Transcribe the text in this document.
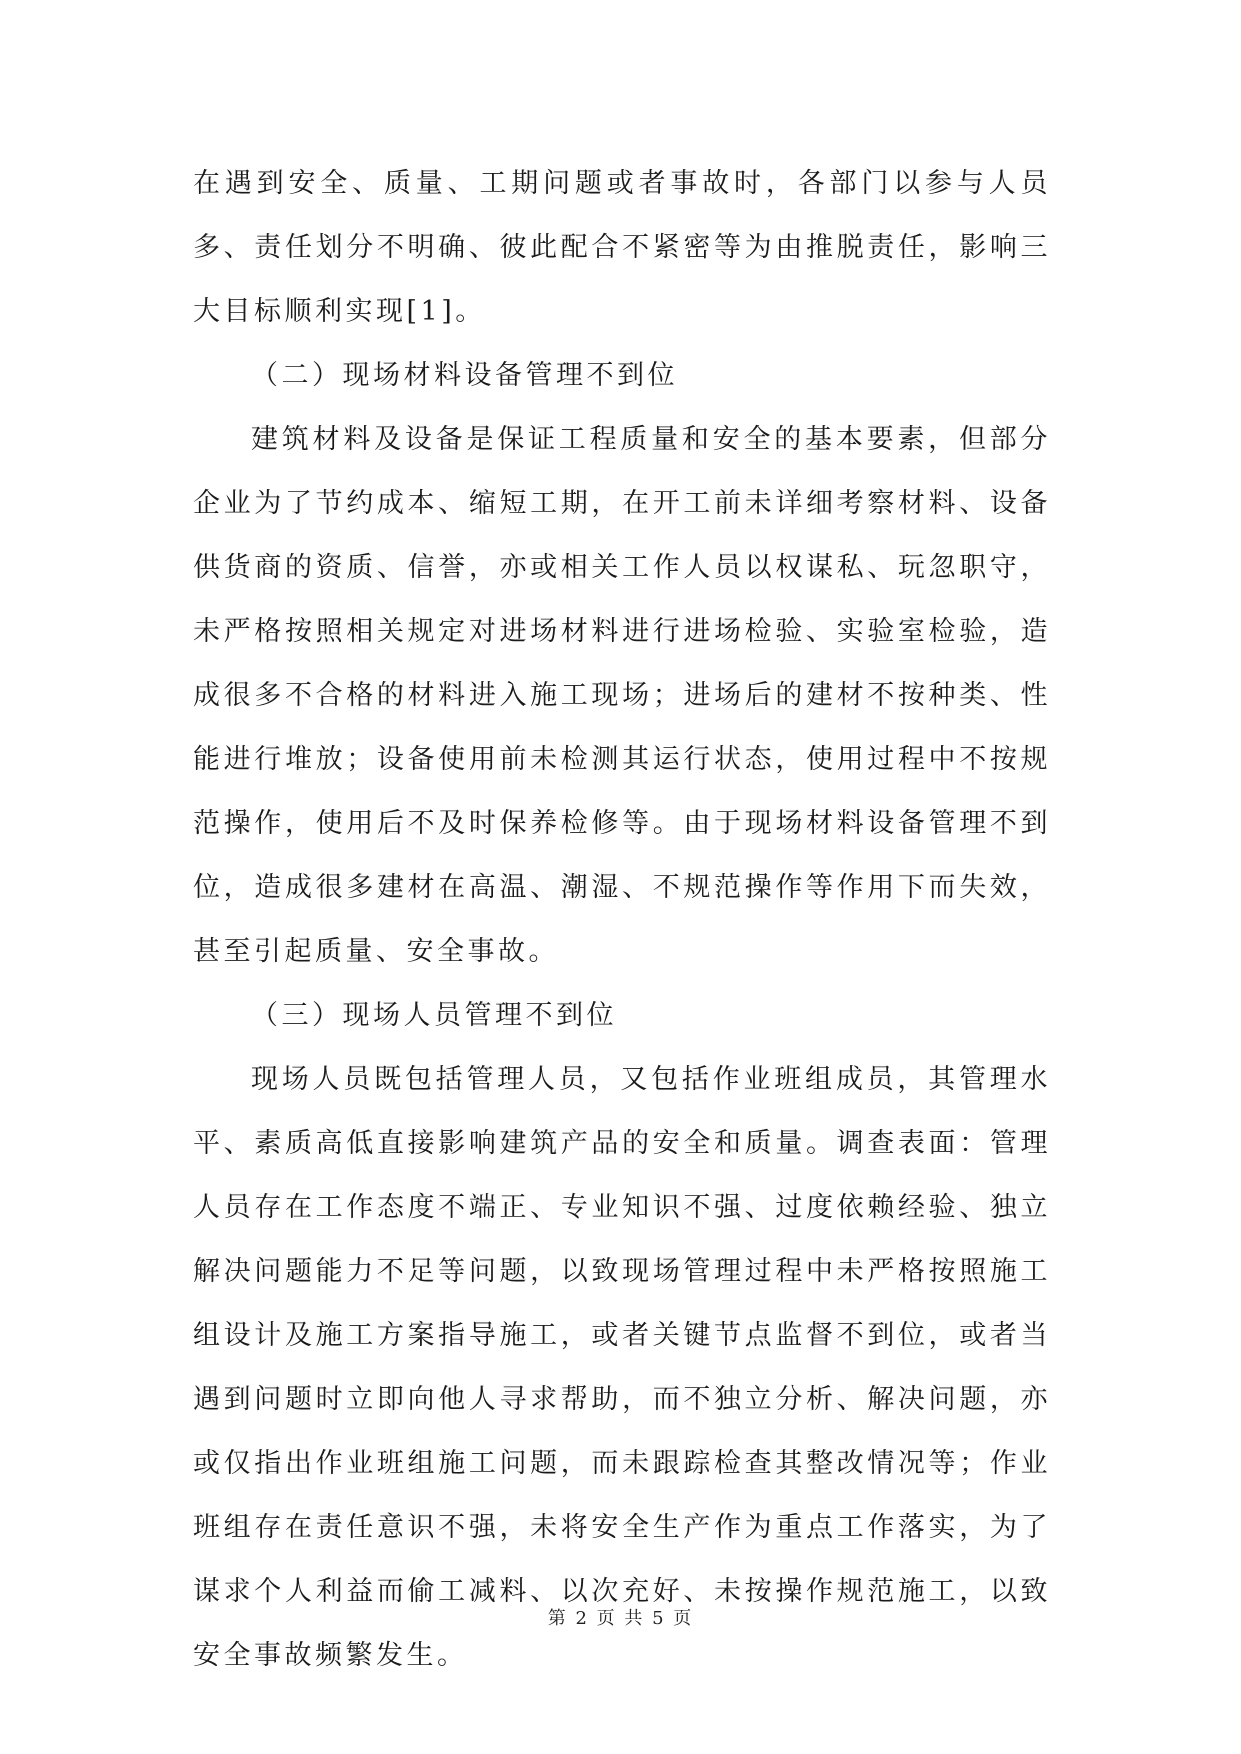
在遇到安全、质量、工期问题或者事故时，各部门以参与人员多、责任划分不明确、彼此配合不紧密等为由推脱责任，影响三大目标顺利实现[1]。

（二）现场材料设备管理不到位

建筑材料及设备是保证工程质量和安全的基本要素，但部分企业为了节约成本、缩短工期，在开工前未详细考察材料、设备供货商的资质、信誉，亦或相关工作人员以权谋私、玩忽职守，未严格按照相关规定对进场材料进行进场检验、实验室检验，造成很多不合格的材料进入施工现场；进场后的建材不按种类、性能进行堆放；设备使用前未检测其运行状态，使用过程中不按规范操作，使用后不及时保养检修等。由于现场材料设备管理不到位，造成很多建材在高温、潮湿、不规范操作等作用下而失效，甚至引起质量、安全事故。

（三）现场人员管理不到位

现场人员既包括管理人员，又包括作业班组成员，其管理水平、素质高低直接影响建筑产品的安全和质量。调查表面：管理人员存在工作态度不端正、专业知识不强、过度依赖经验、独立解决问题能力不足等问题，以致现场管理过程中未严格按照施工组设计及施工方案指导施工，或者关键节点监督不到位，或者当遇到问题时立即向他人寻求帮助，而不独立分析、解决问题，亦或仅指出作业班组施工问题，而未跟踪检查其整改情况等；作业班组存在责任意识不强，未将安全生产作为重点工作落实，为了谋求个人利益而偷工减料、以次充好、未按操作规范施工，以致安全事故频繁发生。

第 2 页 共 5 页
